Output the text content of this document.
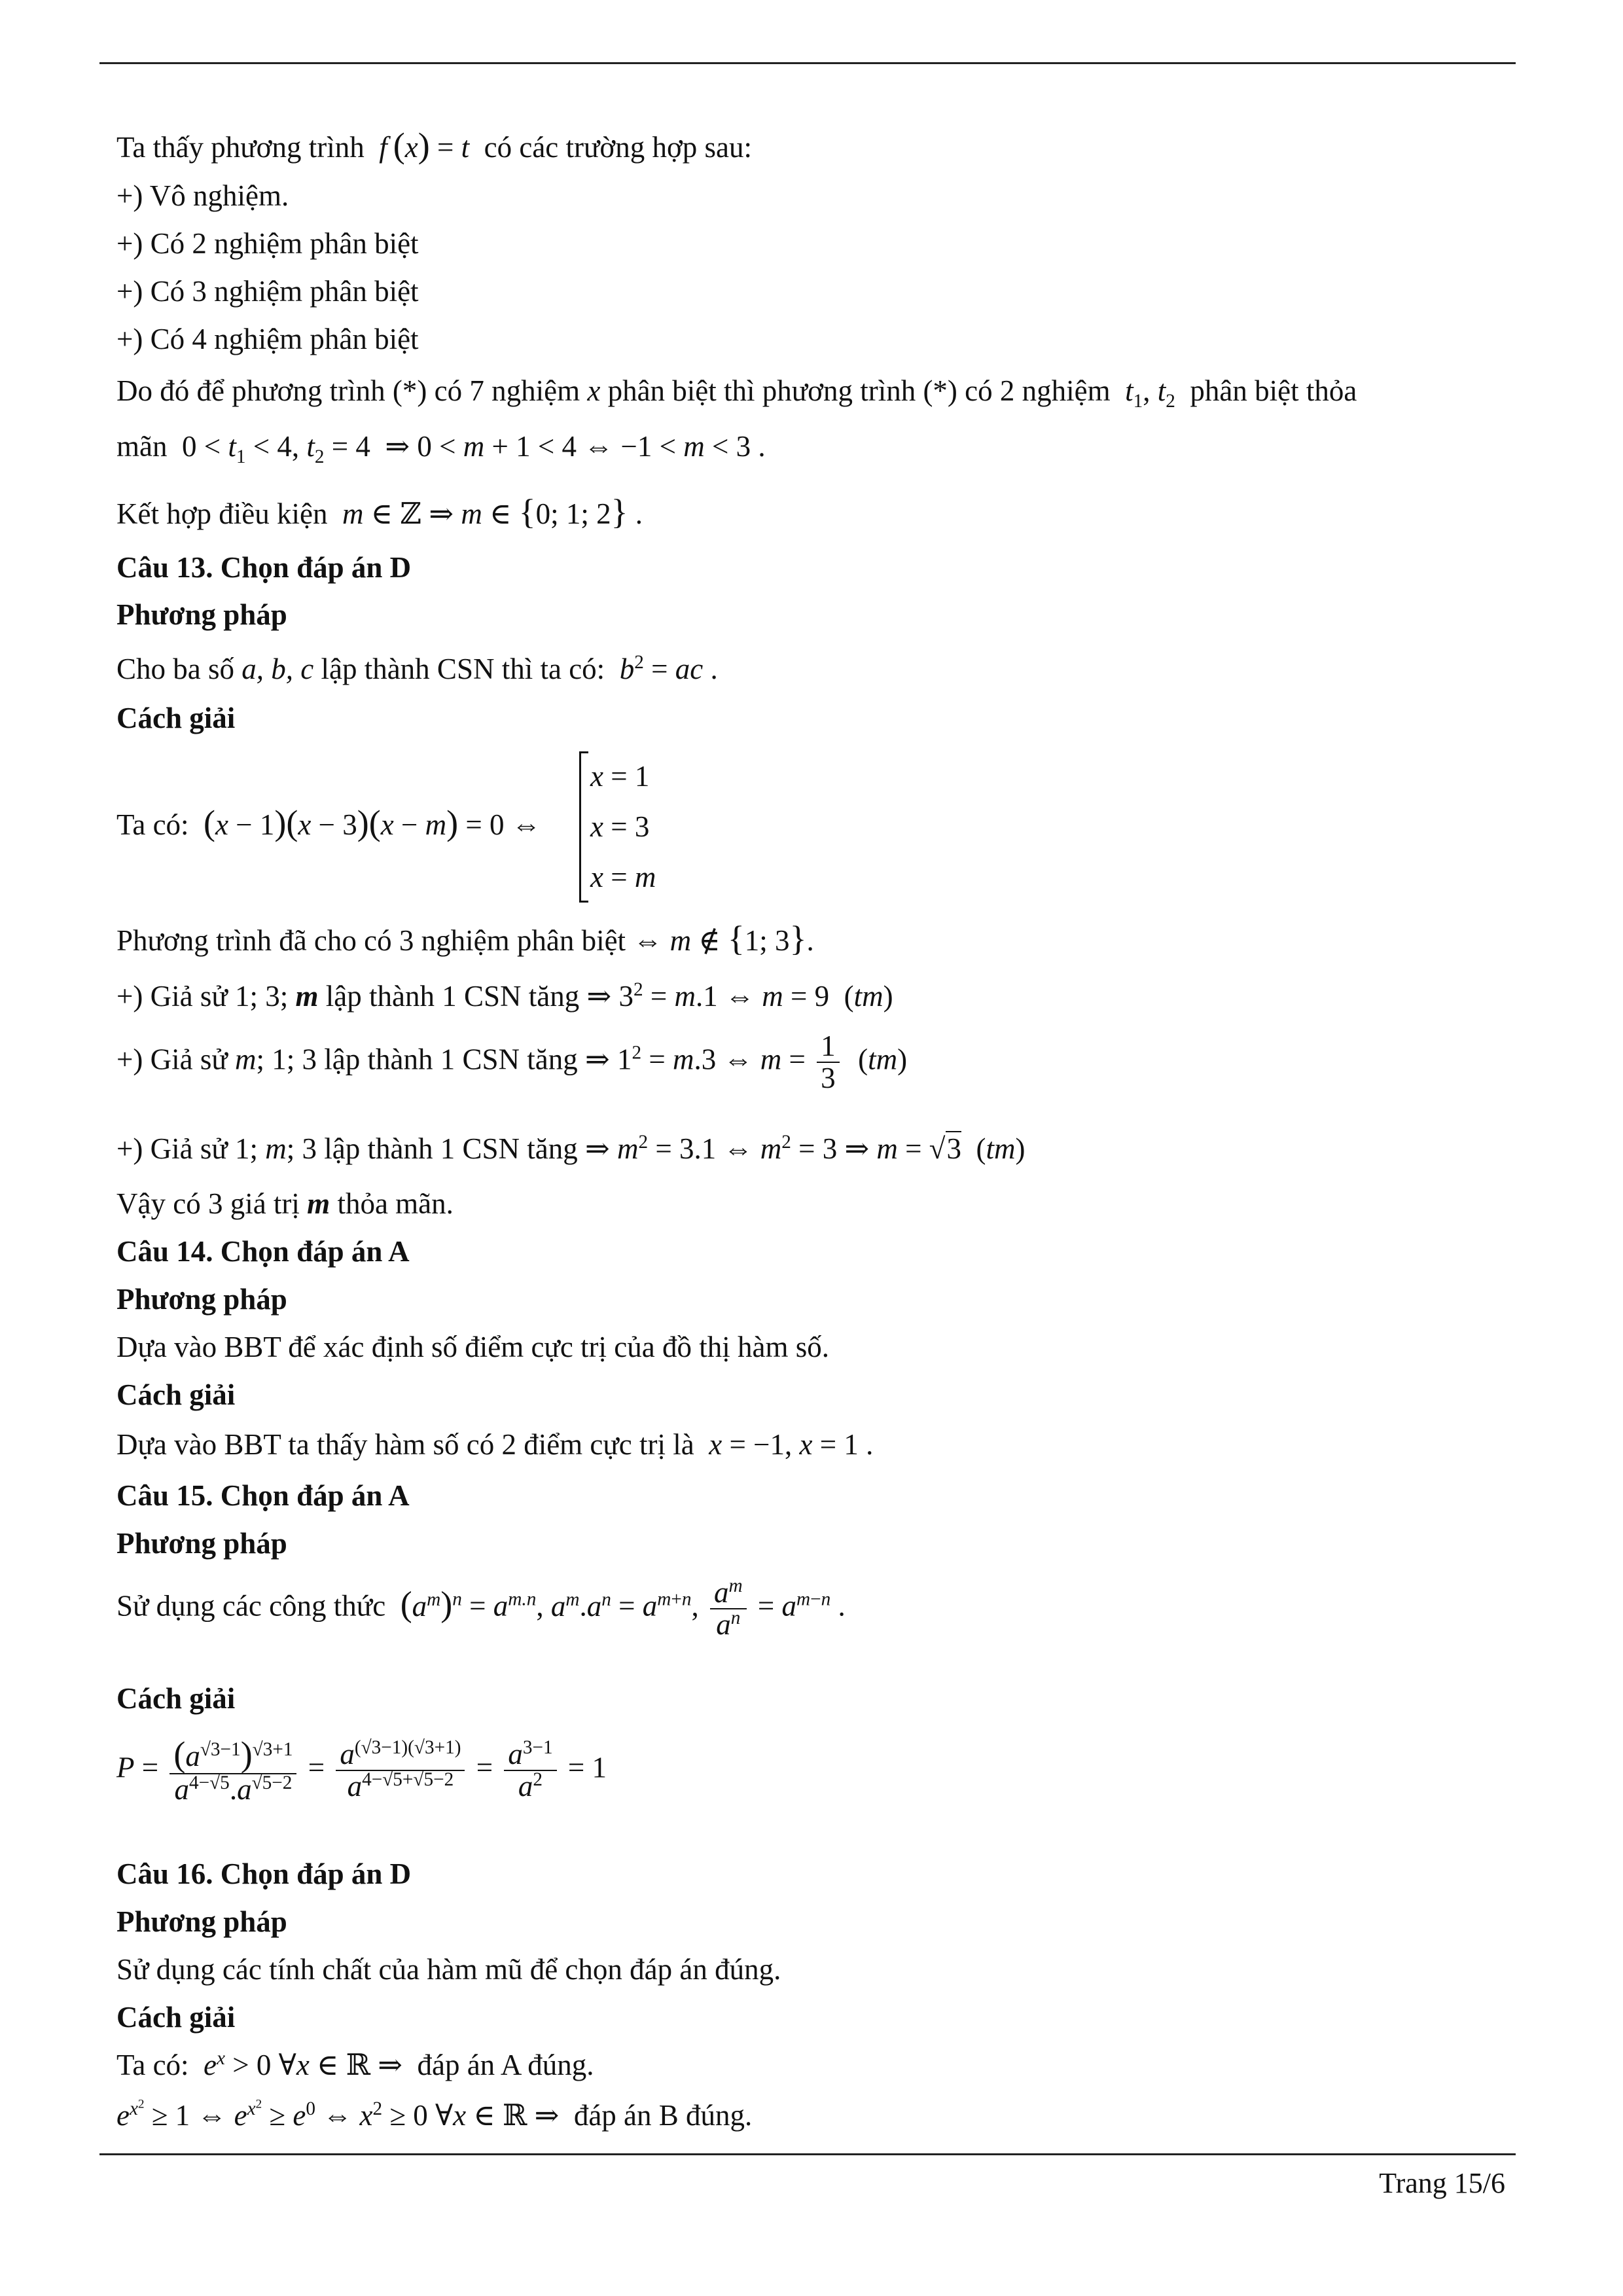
Ta thấy phương trình  f  (x) = t có các trường hợp sau:
+) Vô nghiệm.
+) Có 2 nghiệm phân biệt
+) Có 3 nghiệm phân biệt
+) Có 4 nghiệm phân biệt
Do đó để phương trình (*) có 7 nghiệm x phân biệt thì phương trình (*) có 2 nghiệm $t_1$, $t_2$ phân biệt thỏa
mãn  $0 < t_1 < 4$, $t_2 = 4$  ⇒ 0 < m + 1 < 4 ⇔ −1 < m < 3 .
Kết hợp điều kiện m ∈ ℤ ⇒ m ∈ {0; 1; 2} .
Câu 13. Chọn đáp án D
Phương pháp
Cho ba số a, b, c lập thành CSN thì ta có: $b^2$ = ac .
Cách giải
Ta có: (x − 1)(x − 3)(x − m) = 0 ⇔
x = 1
x = 3
x = m
Phương trình đã cho có 3 nghiệm phân biệt ⇔ m ∉ {1; 3}.
+) Giả sử 1; 3; m lập thành 1 CSN tăng ⇒ $3^2 = m.1$ ⇔ m = 9  (tm)
+) Giả sử m; 1; 3 lập thành 1 CSN tăng ⇒ $1^2 = m.3$ ⇔ $m = \frac{1}{3} (tm)$
+) Giả sử 1; m; 3 lập thành 1 CSN tăng ⇒ $m^2 = 3.1$ ⇔ $m^2 = 3$ ⇒ m = √3  (tm)
Vậy có 3 giá trị m thỏa mãn.
Câu 14. Chọn đáp án A
Phương pháp
Dựa vào BBT để xác định số điểm cực trị của đồ thị hàm số.
Cách giải
Dựa vào BBT ta thấy hàm số có 2 điểm cực trị là x = −1, x = 1 .
Câu 15. Chọn đáp án A
Phương pháp
Sử dụng các công thức $(a^m)^n = a^{m.n}$, $a^m.a^n = a^{m+n}$, $\frac{a^m}{a^n} = a^{m-n}$ .
Cách giải
$P = \frac{(a^{√3-1})^{√3+1}}{a^{4-√5}.a^{√5-2}} = \frac{a^{(√3-1)(√3+1)}}{a^{4-√5+√5-2}} = \frac{a^{3-1}}{a^2} = 1$
Câu 16. Chọn đáp án D
Phương pháp
Sử dụng các tính chất của hàm mũ để chọn đáp án đúng.
Cách giải
Ta có: $e^x > 0$ ∀x ∈ ℝ ⇒  đáp án A đúng.
$e^{x^2} \ge 1$ ⇔ $e^{x^2} \ge e^0$ ⇔ $x^2 \ge 0$ ∀x ∈ ℝ ⇒  đáp án B đúng.
Trang 15/6
